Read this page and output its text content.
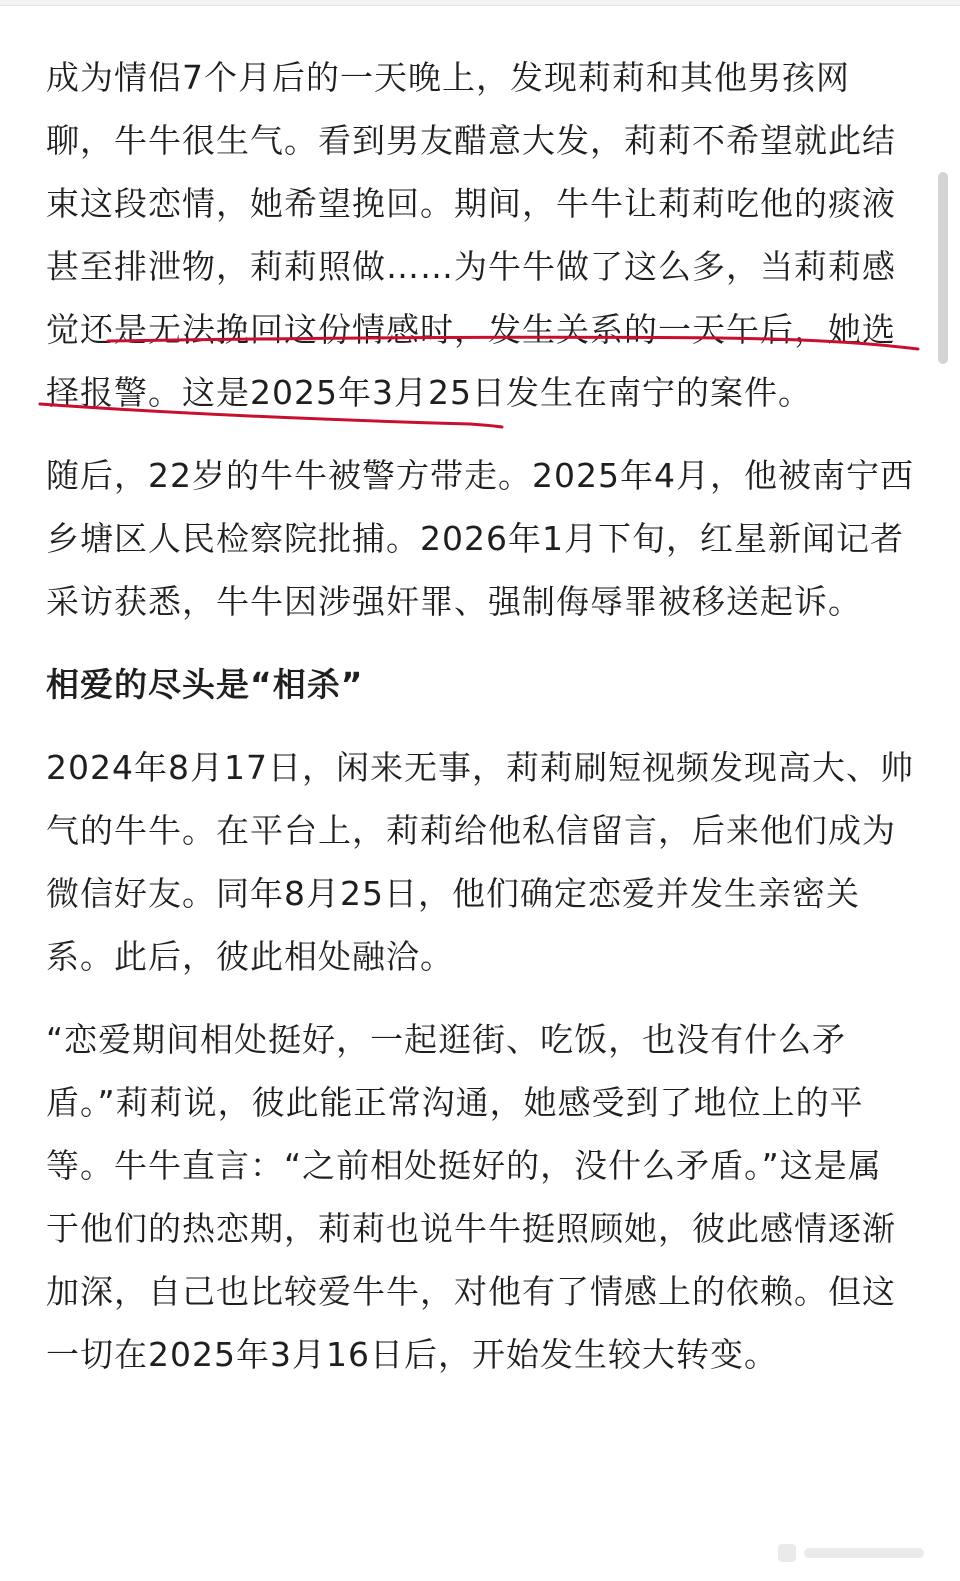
成为情侣7个月后的一天晚上，发现莉莉和其他男孩网聊，牛牛很生气。看到男友醋意大发，莉莉不希望就此结束这段恋情，她希望挽回。期间，牛牛让莉莉吃他的痰液甚至排泄物，莉莉照做……为牛牛做了这么多，当莉莉感觉还是无法挽回这份情感时，发生关系的一天午后，她选择报警。这是2025年3月25日发生在南宁的案件。

随后，22岁的牛牛被警方带走。2025年4月，他被南宁西乡塘区人民检察院批捕。2026年1月下旬，红星新闻记者采访获悉，牛牛因涉强奸罪、强制侮辱罪被移送起诉。

相爱的尽头是“相杀”

2024年8月17日，闲来无事，莉莉刷短视频发现高大、帅气的牛牛。在平台上，莉莉给他私信留言，后来他们成为微信好友。同年8月25日，他们确定恋爱并发生亲密关系。此后，彼此相处融洽。

“恋爱期间相处挺好，一起逛街、吃饭，也没有什么矛盾。”莉莉说，彼此能正常沟通，她感受到了地位上的平等。牛牛直言：“之前相处挺好的，没什么矛盾。”这是属于他们的热恋期，莉莉也说牛牛挺照顾她，彼此感情逐渐加深，自己也比较爱牛牛，对他有了情感上的依赖。但这一切在2025年3月16日后，开始发生较大转变。
